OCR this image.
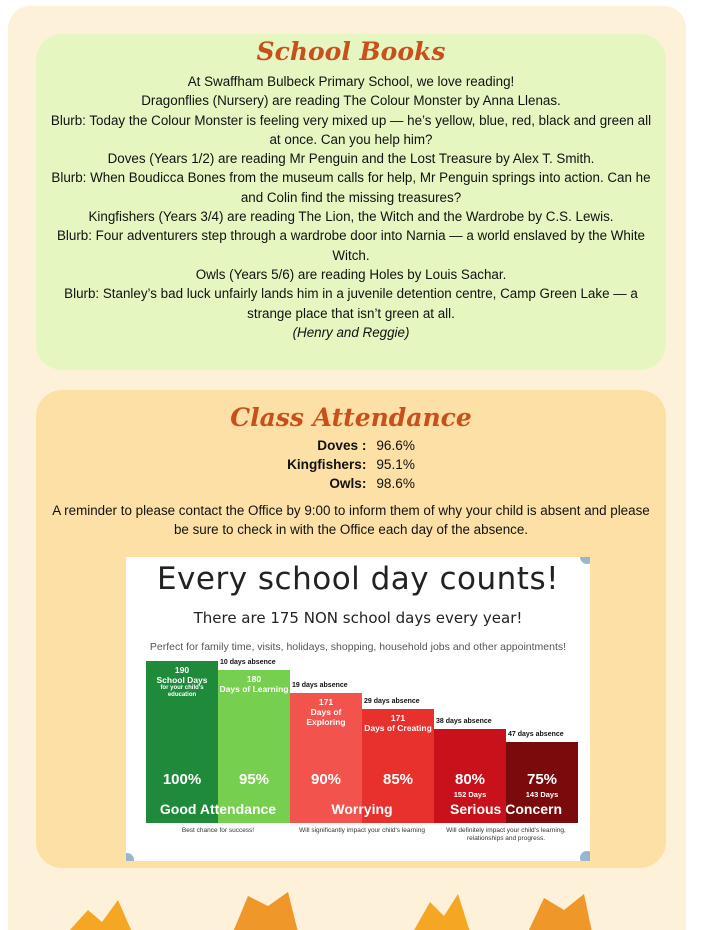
School Books

At Swaffham Bulbeck Primary School, we love reading!

Dragonflies (Nursery) are reading The Colour Monster by Anna Llenas.

Blurb: Today the Colour Monster is feeling very mixed up — he’s yellow, blue, red, black and green all at once. Can you help him?

Doves (Years 1/2) are reading Mr Penguin and the Lost Treasure by Alex T. Smith.

Blurb: When Boudicca Bones from the museum calls for help, Mr Penguin springs into action. Can he and Colin find the missing treasures?

Kingfishers (Years 3/4) are reading The Lion, the Witch and the Wardrobe by C.S. Lewis.

Blurb: Four adventurers step through a wardrobe door into Narnia — a world enslaved by the White Witch.

Owls (Years 5/6) are reading Holes by Louis Sachar.

Blurb: Stanley’s bad luck unfairly lands him in a juvenile detention centre, Camp Green Lake — a strange place that isn’t green at all.

(Henry and Reggie)

Class Attendance
Doves :	96.6%
Kingfishers:	95.1%
Owls:	98.6%

A reminder to please contact the Office by 9:00 to inform them of why your child is absent and please be sure to check in with the Office each day of the absence.

Every school day counts!
There are 175 NON school days every year!
Perfect for family time, visits, holidays, shopping, household jobs and other appointments!
190
School Days
for your child's education
100%
10 days absence
180
Days of Learning
95%
19 days absence
171
Days of Exploring
90%
29 days absence
171
Days of Creating
85%
38 days absence
80%
152 Days
47 days absence
75%
143 Days
Good Attendance
Best chance for success!
Worrying
Will significantly impact your child's learning
Serious Concern
Will definitely impact your child's learning, relationships and progress.
